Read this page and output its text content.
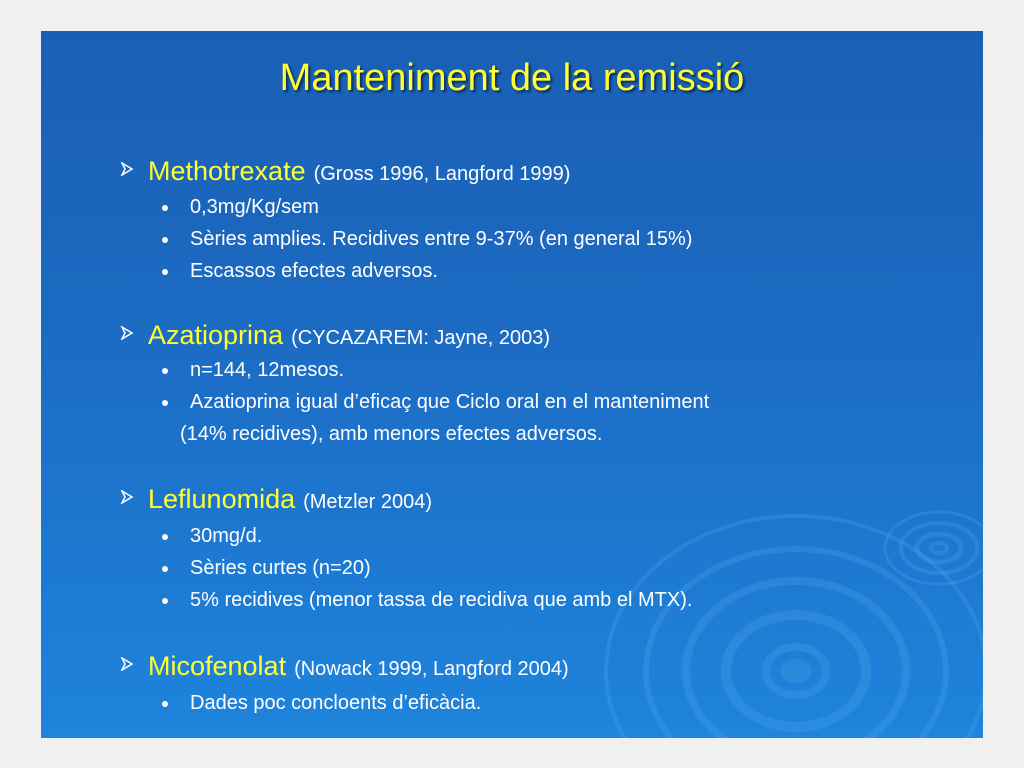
Manteniment de la remissió
Methotrexate (Gross 1996, Langford 1999)
0,3mg/Kg/sem
Sèries amplies. Recidives entre 9-37% (en general 15%)
Escassos efectes adversos.
Azatioprina (CYCAZAREM: Jayne, 2003)
n=144, 12mesos.
Azatioprina igual d’eficaç que Ciclo oral en el manteniment
(14% recidives), amb menors efectes adversos.
Leflunomida (Metzler 2004)
30mg/d.
Sèries curtes (n=20)
5% recidives (menor tassa de recidiva que amb el MTX).
Micofenolat (Nowack 1999, Langford 2004)
Dades poc concloents d’eficàcia.
